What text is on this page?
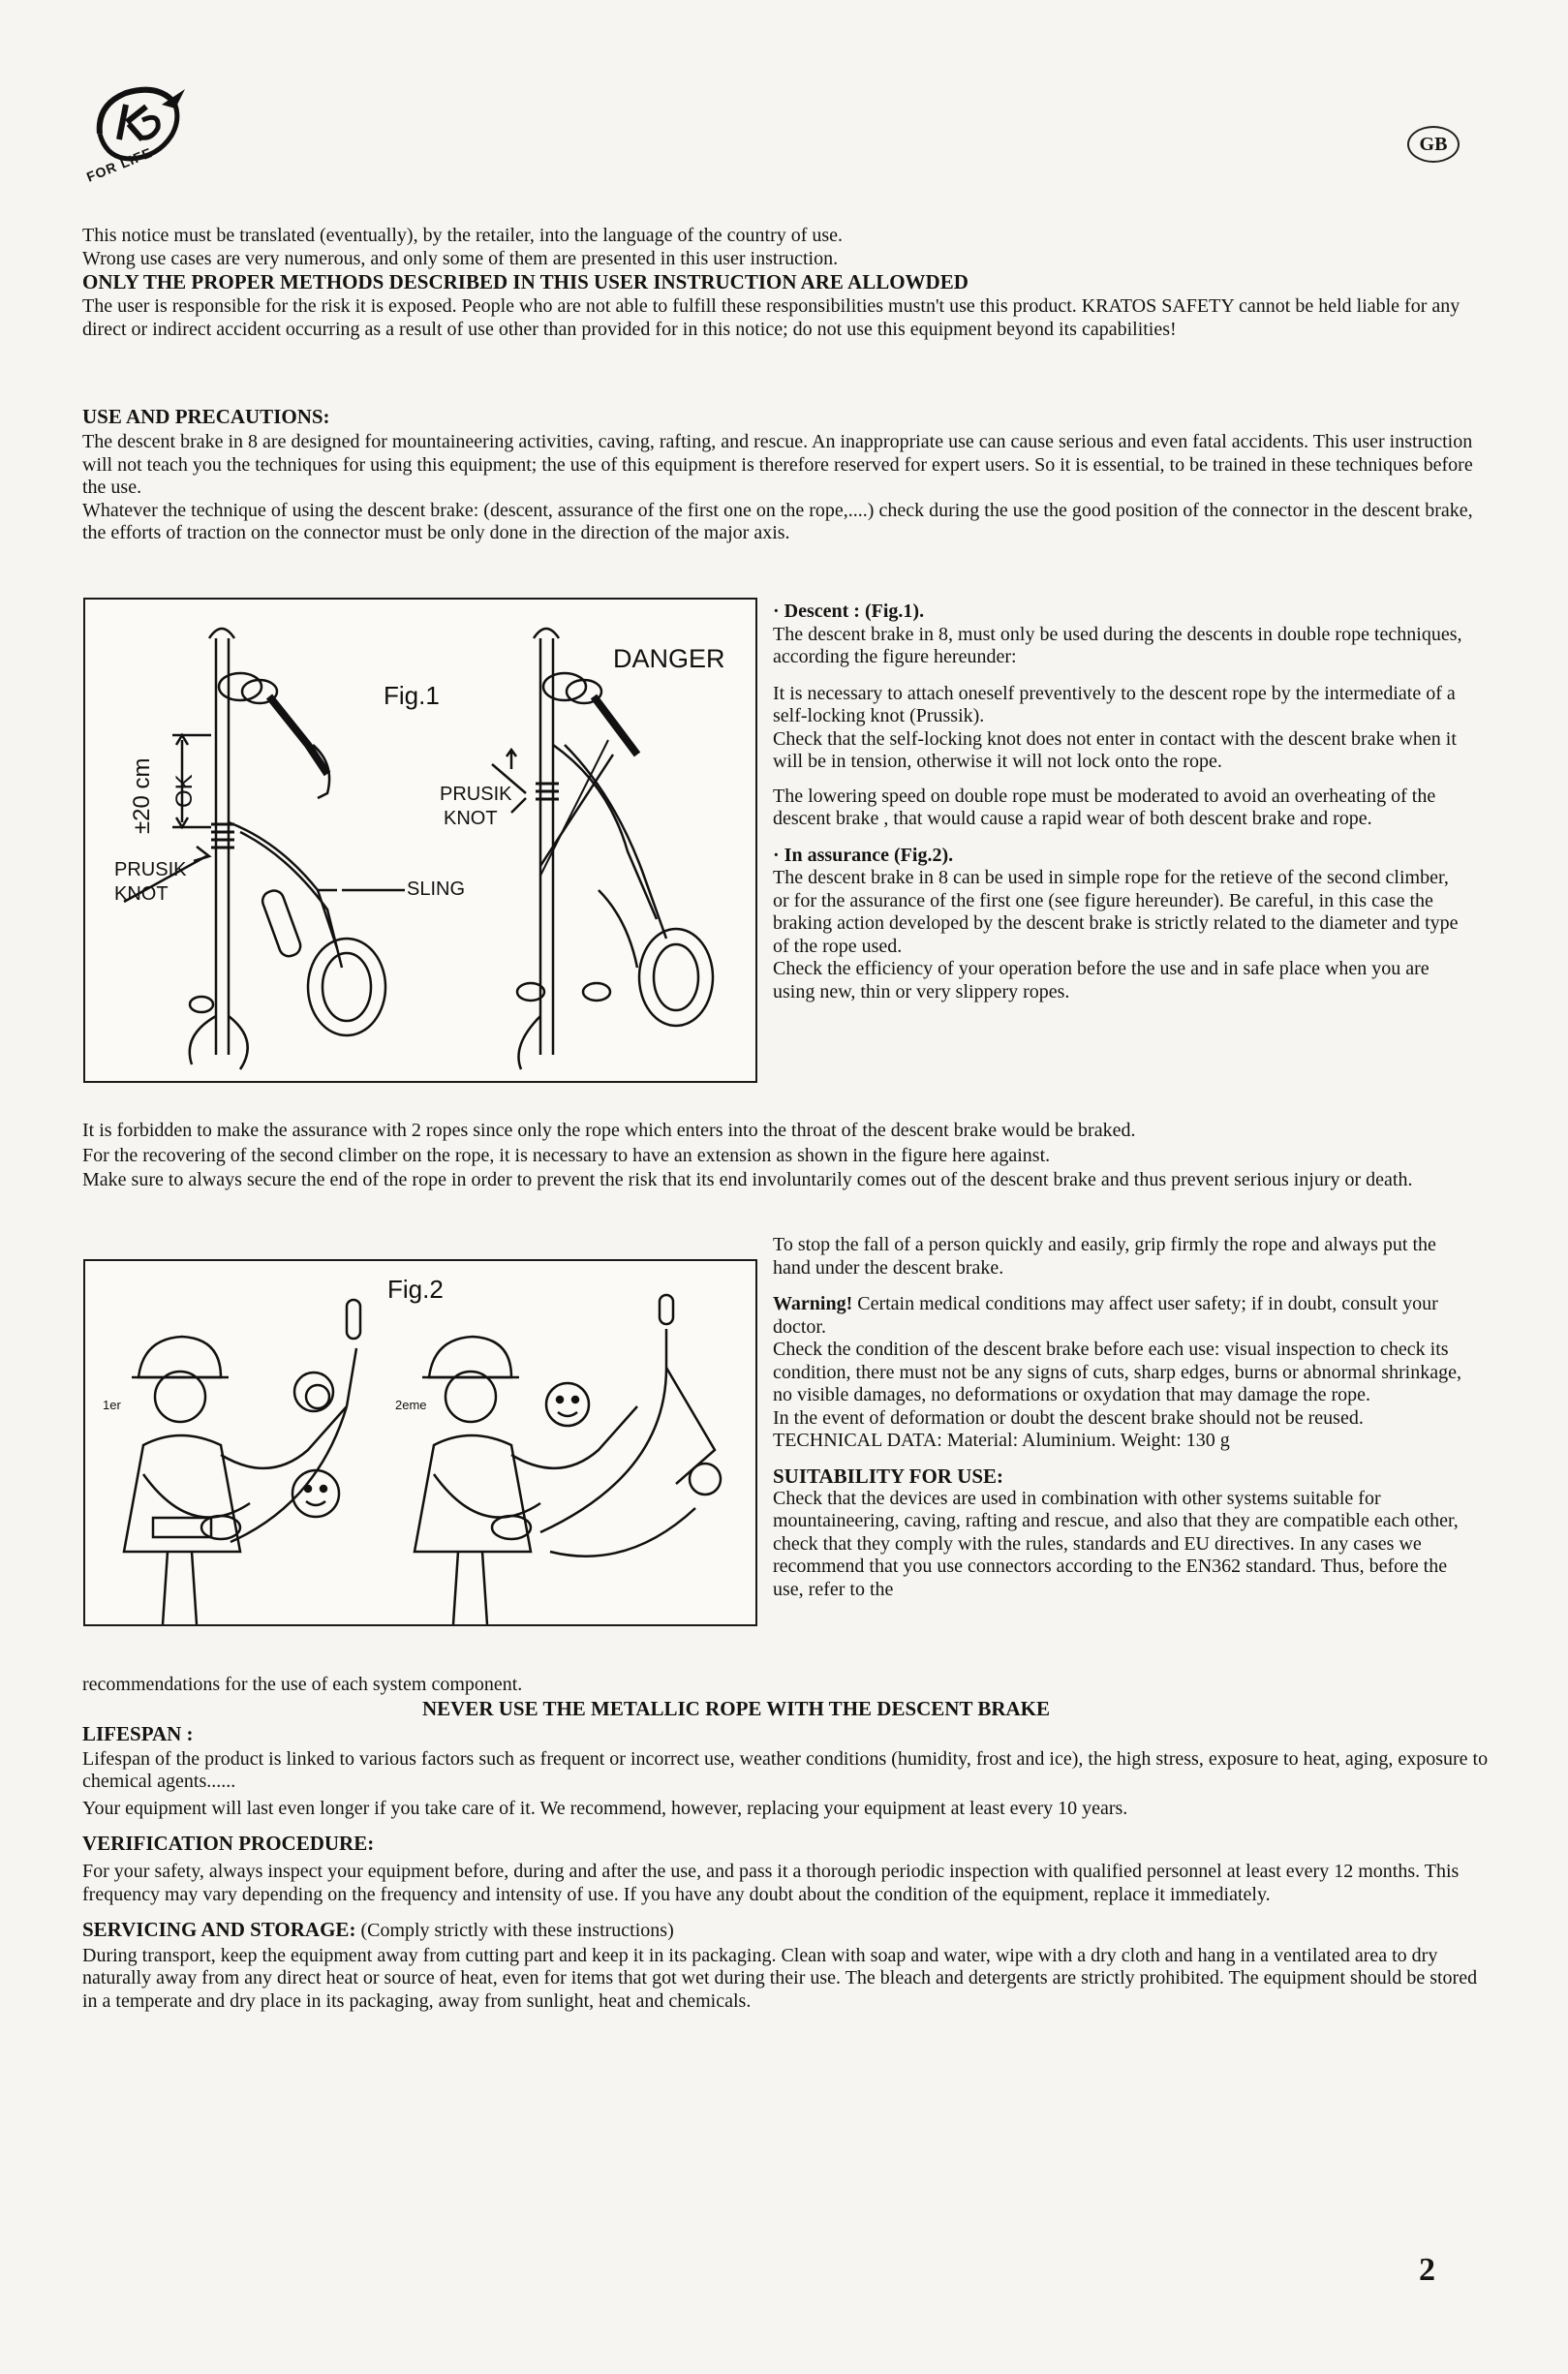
FOR LIFE
GB

This notice must be translated (eventually), by the retailer, into the language of the country of use.

Wrong use cases are very numerous, and only some of them are presented in this user instruction.

ONLY THE PROPER METHODS DESCRIBED IN THIS USER INSTRUCTION ARE ALLOWDED

The user is responsible for the risk it is exposed. People who are not able to fulfill these responsibilities mustn't use this product. KRATOS SAFETY cannot be held liable for any direct or indirect accident occurring as a result of use other than provided for in this notice; do not use this equipment beyond its capabilities!

USE AND PRECAUTIONS:

The descent brake in 8 are designed for mountaineering activities, caving, rafting, and rescue. An inappropriate use can cause serious and even fatal accidents. This user instruction will not teach you the techniques for using this equipment; the use of this equipment is therefore reserved for expert users. So it is essential, to be trained in these techniques before the use.

Whatever the technique of using the descent brake: (descent, assurance of the first one on the rope,....) check during the use the good position of the connector in the descent brake, the efforts of traction on the connector must be only done in the direction of the major axis.

Fig.1
DANGER
OK
±20 cm
PRUSIK
KNOT
PRUSIK
KNOT
SLING

· Descent : (Fig.1).

The descent brake in 8, must only be used during the descents in double rope techniques, according the figure hereunder:

It is necessary to attach oneself preventively to the descent rope by the intermediate of a self-locking knot (Prussik).

Check that the self-locking knot does not enter in contact with the descent brake when it will be in tension, otherwise it will not lock onto the rope.

The lowering speed on double rope must be moderated to avoid an overheating of the descent brake , that would cause a rapid wear of both descent brake and rope.

· In assurance (Fig.2).

The descent brake in 8 can be used in simple rope for the retieve of the second climber, or for the assurance of the first one (see figure hereunder). Be careful, in this case the braking action developed by the descent brake is strictly related to the diameter and type of the rope used.

Check the efficiency of your operation before the use and in safe place when you are using new, thin or very slippery ropes.

It is forbidden to make the assurance with 2 ropes since only the rope which enters into the throat of the descent brake would be braked.

For the recovering of the second climber on the rope, it is necessary to have an extension as shown in the figure here against.

Make sure to always secure the end of the rope in order to prevent the risk that its end involuntarily comes out of the descent brake and thus prevent serious injury or death.

Fig.2
1er	2eme

To stop the fall of a person quickly and easily, grip firmly the rope and always put the hand under the descent brake.

Warning! Certain medical conditions may affect user safety; if in doubt, consult your doctor.

Check the condition of the descent brake before each use: visual inspection to check its condition, there must not be any signs of cuts, sharp edges, burns or abnormal shrinkage, no visible damages, no deformations or oxydation that may damage the rope.

In the event of deformation or doubt the descent brake should not be reused.

TECHNICAL DATA: Material: Aluminium. Weight: 130 g

SUITABILITY FOR USE:

Check that the devices are used in combination with other systems suitable for mountaineering, caving, rafting and rescue, and also that they are compatible each other, check that they comply with the rules, standards and EU directives. In any cases we recommend that you use connectors according to the EN362 standard. Thus, before the use, refer to the

recommendations for the use of each system component.

NEVER USE THE METALLIC ROPE WITH THE DESCENT BRAKE

LIFESPAN :

Lifespan of the product is linked to various factors such as frequent or incorrect use, weather conditions (humidity, frost and ice), the high stress, exposure to heat, aging, exposure to chemical agents......

Your equipment will last even longer if you take care of it. We recommend, however, replacing your equipment at least every 10 years.

VERIFICATION PROCEDURE:

For your safety, always inspect your equipment before, during and after the use, and pass it a thorough periodic inspection with qualified personnel at least every 12 months. This frequency may vary depending on the frequency and intensity of use. If you have any doubt about the condition of the equipment, replace it immediately.

SERVICING AND STORAGE: (Comply strictly with these instructions)

During transport, keep the equipment away from cutting part and keep it in its packaging. Clean with soap and water, wipe with a dry cloth and hang in a ventilated area to dry naturally away from any direct heat or source of heat, even for items that got wet during their use. The bleach and detergents are strictly prohibited. The equipment should be stored in a temperate and dry place in its packaging, away from sunlight, heat and chemicals.

2
